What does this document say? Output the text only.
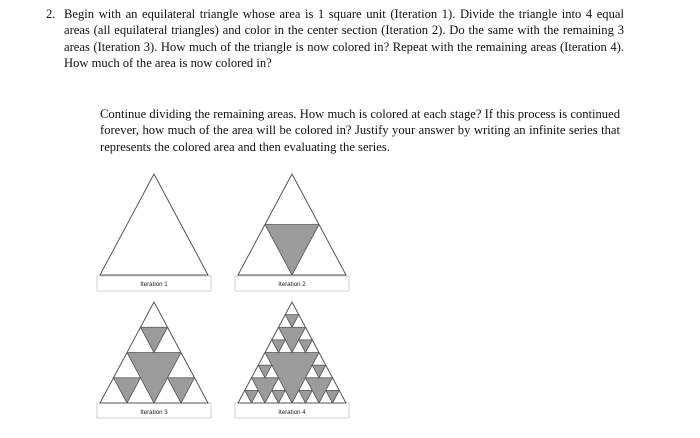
2. Begin with an equilateral triangle whose area is 1 square unit (Iteration 1). Divide the triangle into 4 equal areas (all equilateral triangles) and color in the center section (Iteration 2). Do the same with the remaining 3 areas (Iteration 3). How much of the triangle is now colored in? Repeat with the remaining areas (Iteration 4). How much of the area is now colored in?

Continue dividing the remaining areas. How much is colored at each stage? If this process is continued forever, how much of the area will be colored in? Justify your answer by writing an infinite series that represents the colored area and then evaluating the series.

Iteration 1	Iteration 2
Iteration 3	Iteration 4
